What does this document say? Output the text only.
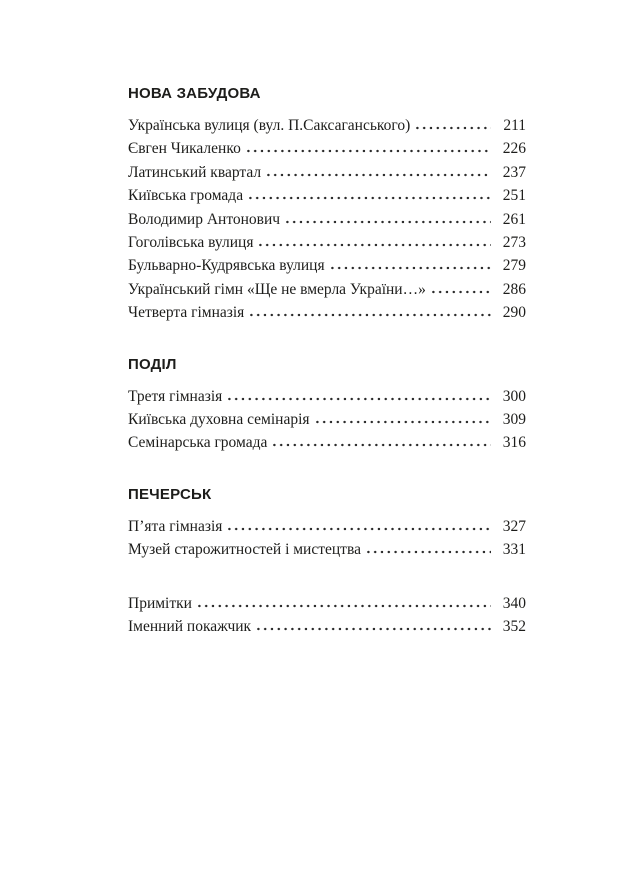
НОВА ЗАБУДОВА
Українська вулиця (вул. П.Саксаганського)	211
Євген Чикаленко	226
Латинський квартал	237
Київська громада	251
Володимир Антонович	261
Гоголівська вулиця	273
Бульварно-Кудрявська вулиця	279
Український гімн «Ще не вмерла України…»	286
Четверта гімназія	290
ПОДІЛ
Третя гімназія	300
Київська духовна семінарія	309
Семінарська громада	316
ПЕЧЕРСЬК
П’ята гімназія	327
Музей старожитностей і мистецтва	331
Примітки	340
Іменний покажчик	352
